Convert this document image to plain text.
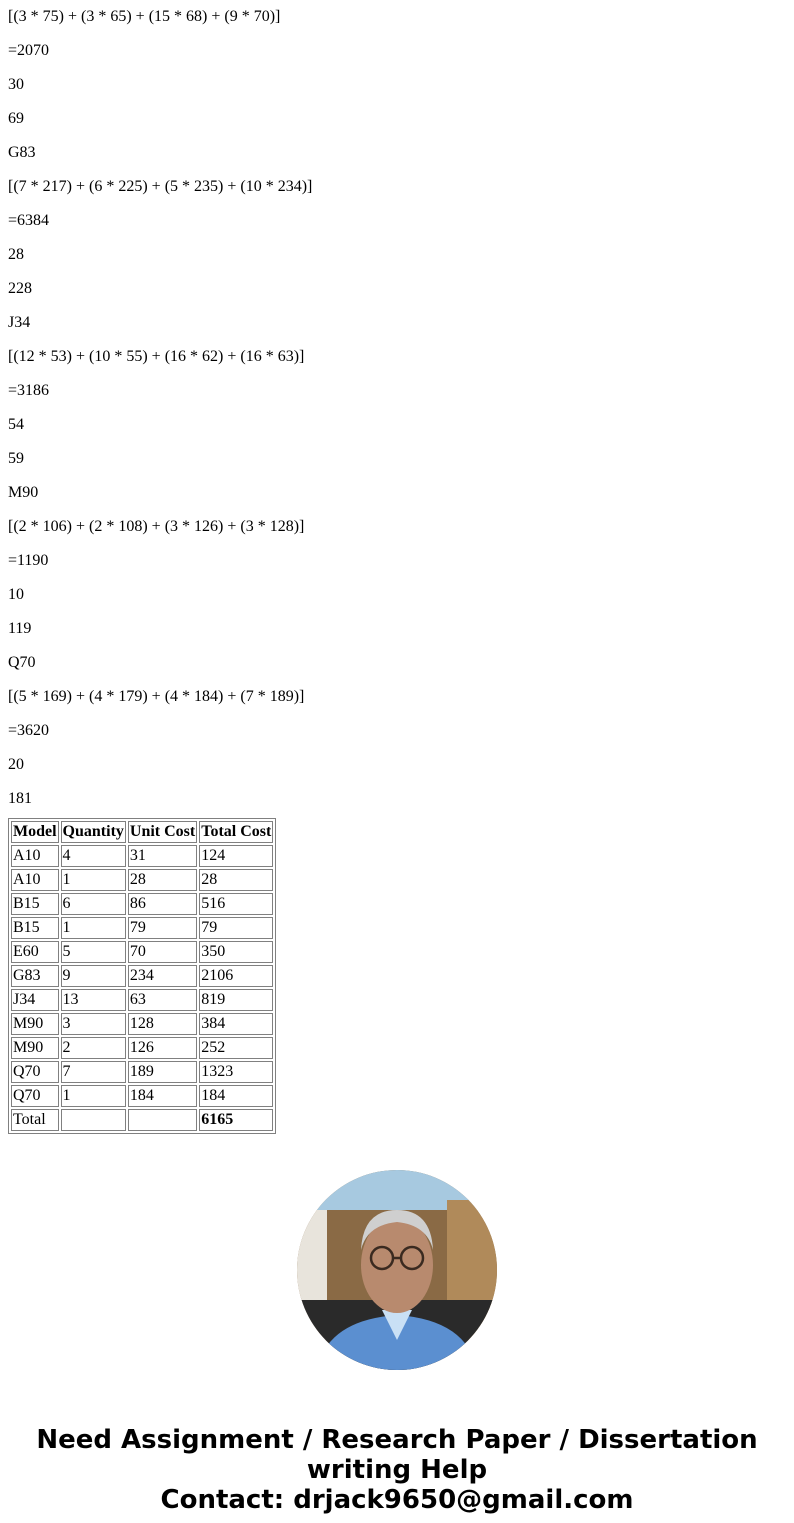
[(3 * 75) + (3 * 65) + (15 * 68) + (9 * 70)]

=2070

30

69

G83

[(7 * 217) + (6 * 225) + (5 * 235) + (10 * 234)]

=6384

28

228

J34

[(12 * 53) + (10 * 55) + (16 * 62) + (16 * 63)]

=3186

54

59

M90

[(2 * 106) + (2 * 108) + (3 * 126) + (3 * 128)]

=1190

10

119

Q70

[(5 * 169) + (4 * 179) + (4 * 184) + (7 * 189)]

=3620

20

181

Model	Quantity	Unit Cost	Total Cost
A10	4	31	124
A10	1	28	28
B15	6	86	516
B15	1	79	79
E60	5	70	350
G83	9	234	2106
J34	13	63	819
M90	3	128	384
M90	2	126	252
Q70	7	189	1323
Q70	1	184	184
Total			6165
Need Assignment / Research Paper / Dissertation
writing Help
Contact: drjack9650@gmail.com
